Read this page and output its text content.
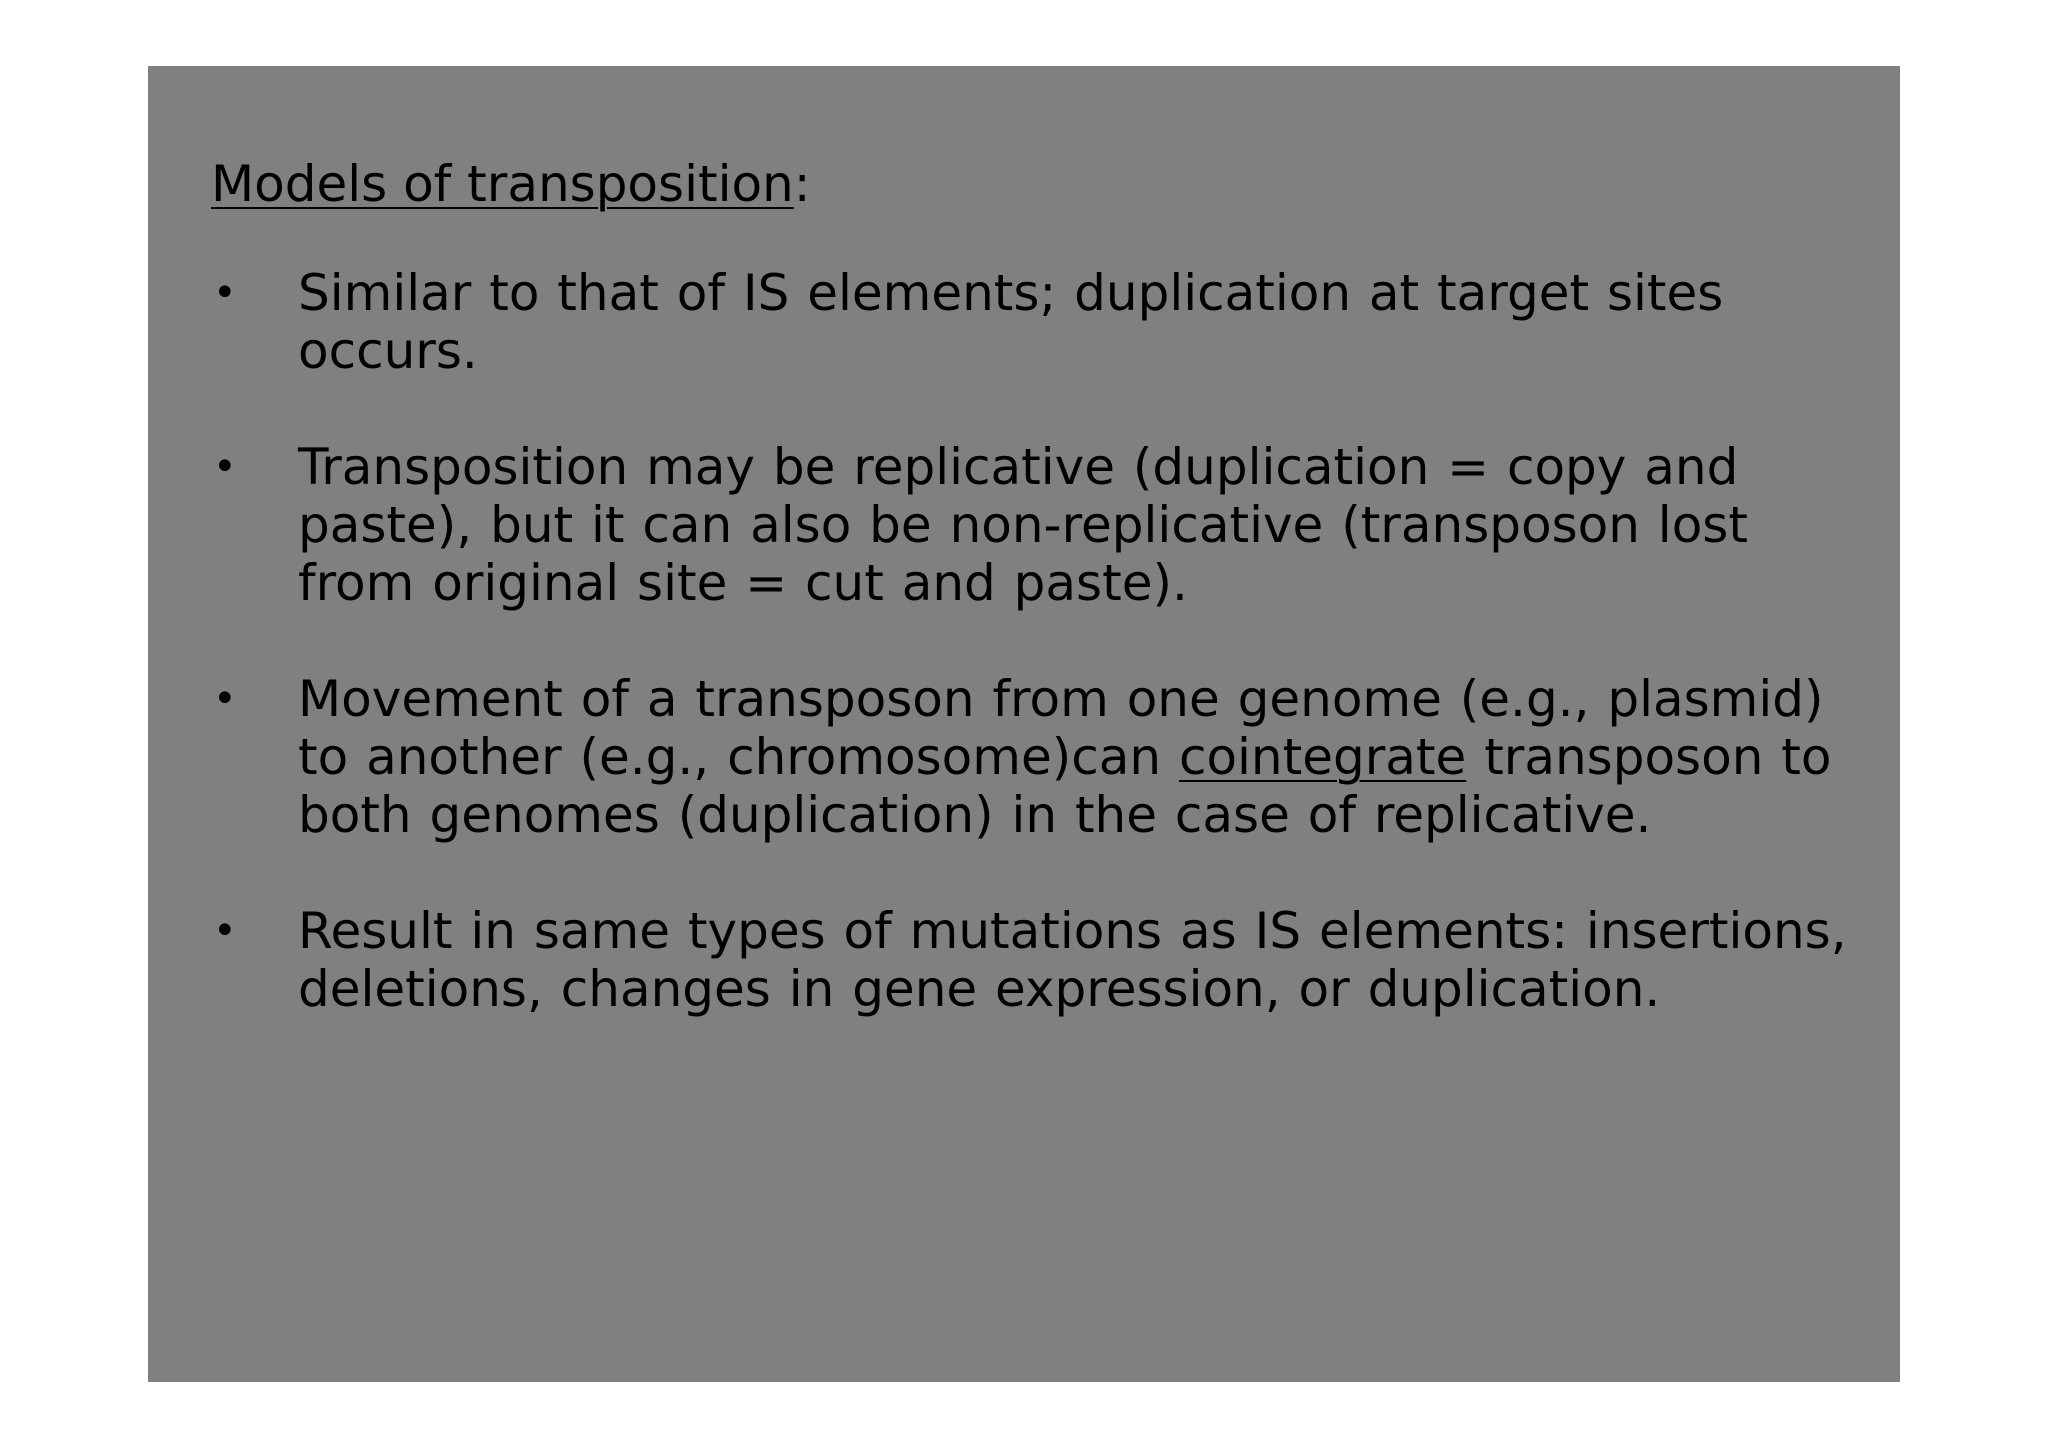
Models of transposition:
•	Similar to that of IS elements; duplication at target sites occurs.
•	Transposition may be replicative (duplication = copy and paste), but it can also be non-replicative (transposon lost from original site = cut and paste).
•	Movement of a transposon from one genome (e.g., plasmid) to another (e.g., chromosome)can cointegrate transposon to both genomes (duplication) in the case of replicative.
•	Result in same types of mutations as IS elements: insertions, deletions, changes in gene expression, or duplication.
